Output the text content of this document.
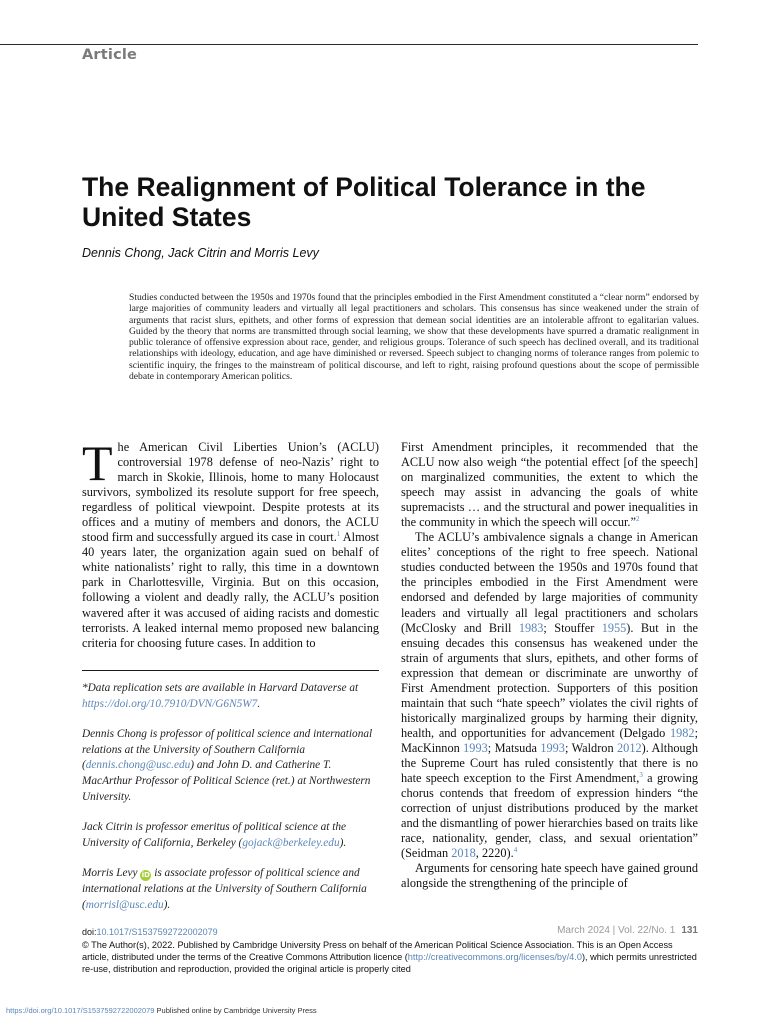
Article
The Realignment of Political Tolerance in the United States
Dennis Chong, Jack Citrin and Morris Levy

Studies conducted between the 1950s and 1970s found that the principles embodied in the First Amendment constituted a “clear norm” endorsed by large majorities of community leaders and virtually all legal practitioners and scholars. This consensus has since weakened under the strain of arguments that racist slurs, epithets, and other forms of expression that demean social identities are an intolerable affront to egalitarian values. Guided by the theory that norms are transmitted through social learning, we show that these developments have spurred a dramatic realignment in public tolerance of offensive expression about race, gender, and religious groups. Tolerance of such speech has declined overall, and its traditional relationships with ideology, education, and age have diminished or reversed. Speech subject to changing norms of tolerance ranges from polemic to scientific inquiry, the fringes to the mainstream of political discourse, and left to right, raising profound questions about the scope of permissible debate in contemporary American politics.

The American Civil Liberties Union’s (ACLU) controversial 1978 defense of neo-Nazis’ right to march in Skokie, Illinois, home to many Holocaust survivors, symbolized its resolute support for free speech, regardless of political viewpoint. Despite protests at its offices and a mutiny of members and donors, the ACLU stood firm and successfully argued its case in court.$^1$ Almost 40 years later, the organization again sued on behalf of white nationalists’ right to rally, this time in a downtown park in Charlottesville, Virginia. But on this occasion, following a violent and deadly rally, the ACLU’s position wavered after it was accused of aiding racists and domestic terrorists. A leaked internal memo proposed new balancing criteria for choosing future cases. In addition to

*Data replication sets are available in Harvard Dataverse at https://doi.org/10.7910/DVN/G6N5W7.

Dennis Chong is professor of political science and international relations at the University of Southern California (dennis.chong@usc.edu) and John D. and Catherine T. MacArthur Professor of Political Science (ret.) at Northwestern University.

Jack Citrin is professor emeritus of political science at the University of California, Berkeley (gojack@berkeley.edu).

Morris Levy iD is associate professor of political science and international relations at the University of Southern California (morrisl@usc.edu).

First Amendment principles, it recommended that the ACLU now also weigh “the potential effect [of the speech] on marginalized communities, the extent to which the speech may assist in advancing the goals of white supremacists … and the structural and power inequalities in the community in which the speech will occur.”$^2$

The ACLU’s ambivalence signals a change in American elites’ conceptions of the right to free speech. National studies conducted between the 1950s and 1970s found that the principles embodied in the First Amendment were endorsed and defended by large majorities of community leaders and virtually all legal practitioners and scholars (McClosky and Brill 1983; Stouffer 1955). But in the ensuing decades this consensus has weakened under the strain of arguments that slurs, epithets, and other forms of expression that demean or discriminate are unworthy of First Amendment protection. Supporters of this position maintain that such “hate speech” violates the civil rights of historically marginalized groups by harming their dignity, health, and opportunities for advancement (Delgado 1982; MacKinnon 1993; Matsuda 1993; Waldron 2012). Although the Supreme Court has ruled consistently that there is no hate speech exception to the First Amendment,$^3$ a growing chorus contends that freedom of expression hinders “the correction of unjust distributions produced by the market and the dismantling of power hierarchies based on traits like race, nationality, gender, class, and sexual orientation” (Seidman 2018, 2220).$^4$

Arguments for censoring hate speech have gained ground alongside the strengthening of the principle of

doi:10.1017/S1537592722002079	March 2024 | Vol. 22/No. 1 131

© The Author(s), 2022. Published by Cambridge University Press on behalf of the American Political Science Association. This is an Open Access article, distributed under the terms of the Creative Commons Attribution licence (http://creativecommons.org/licenses/by/4.0), which permits unrestricted re-use, distribution and reproduction, provided the original article is properly cited

https://doi.org/10.1017/S1537592722002079 Published online by Cambridge University Press
